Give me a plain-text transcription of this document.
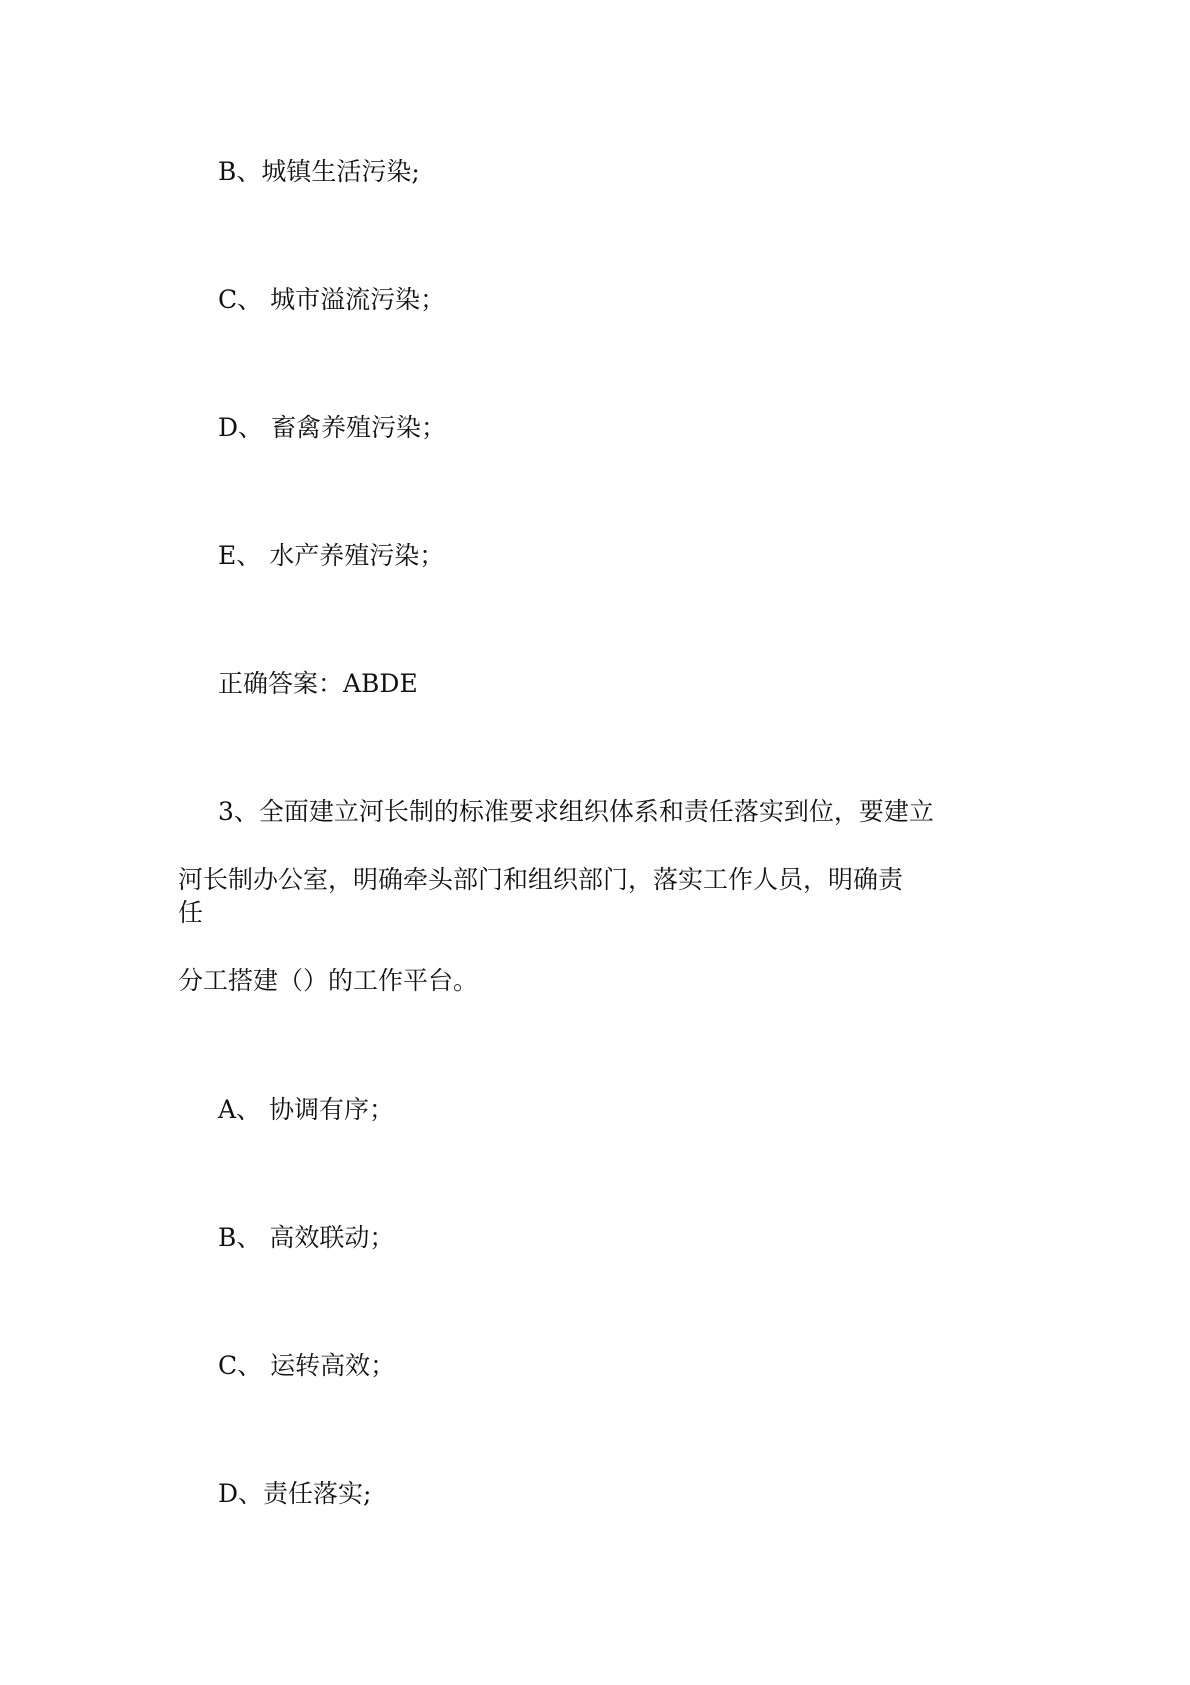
B、城镇生活污染;
C、 城市溢流污染；
D、 畜禽养殖污染；
E、 水产养殖污染；
正确答案：ABDE
3、全面建立河长制的标准要求组织体系和责任落实到位，要建立
河长制办公室，明确牵头部门和组织部门，落实工作人员，明确责
任
分工搭建（）的工作平台。
A、 协调有序；
B、 高效联动；
C、 运转高效；
D、责任落实;
